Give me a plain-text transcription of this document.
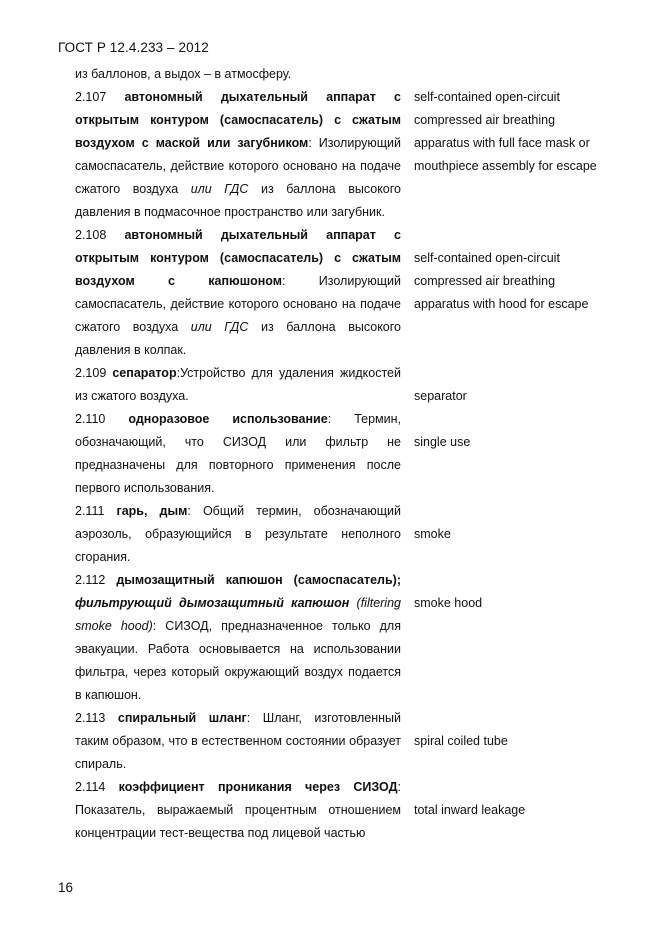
ГОСТ Р 12.4.233 – 2012

из баллонов, а выдох – в атмосферу.

2.107 автономный дыхательный аппарат с открытым контуром (самоспасатель) с сжатым воздухом с маской или загубником: Изолирующий самоспасатель, действие которого основано на подаче сжатого воздуха или ГДС из баллона высокого давления в подмасочное пространство или загубник.

2.108 автономный дыхательный аппарат с открытым контуром (самоспасатель) с сжатым воздухом с капюшоном: Изолирующий самоспасатель, действие которого основано на подаче сжатого воздуха или ГДС из баллона высокого давления в колпак.

2.109 сепаратор:Устройство для удаления жидкостей из сжатого воздуха.

2.110 одноразовое использование: Термин, обозначающий, что СИЗОД или фильтр не предназначены для повторного применения после первого использования.

2.111 гарь, дым: Общий термин, обозначающий аэрозоль, образующийся в результате неполного сгорания.

2.112 дымозащитный капюшон (самоспасатель); фильтрующий дымозащитный капюшон (filtering smoke hood): СИЗОД, предназначенное только для эвакуации. Работа основывается на использовании фильтра, через который окружающий воздух подается в капюшон.

2.113 спиральный шланг: Шланг, изготовленный таким образом, что в естественном состоянии образует спираль.

2.114 коэффициент проникания через СИЗОД: Показатель, выражаемый процентным отношением концентрации тест-вещества под лицевой частью

self-contained open-circuit compressed air breathing apparatus with full face mask or mouthpiece assembly for escape
self-contained open-circuit compressed air breathing apparatus with hood for escape
separator
single use
smoke
smoke hood
spiral coiled tube
total inward leakage
16
